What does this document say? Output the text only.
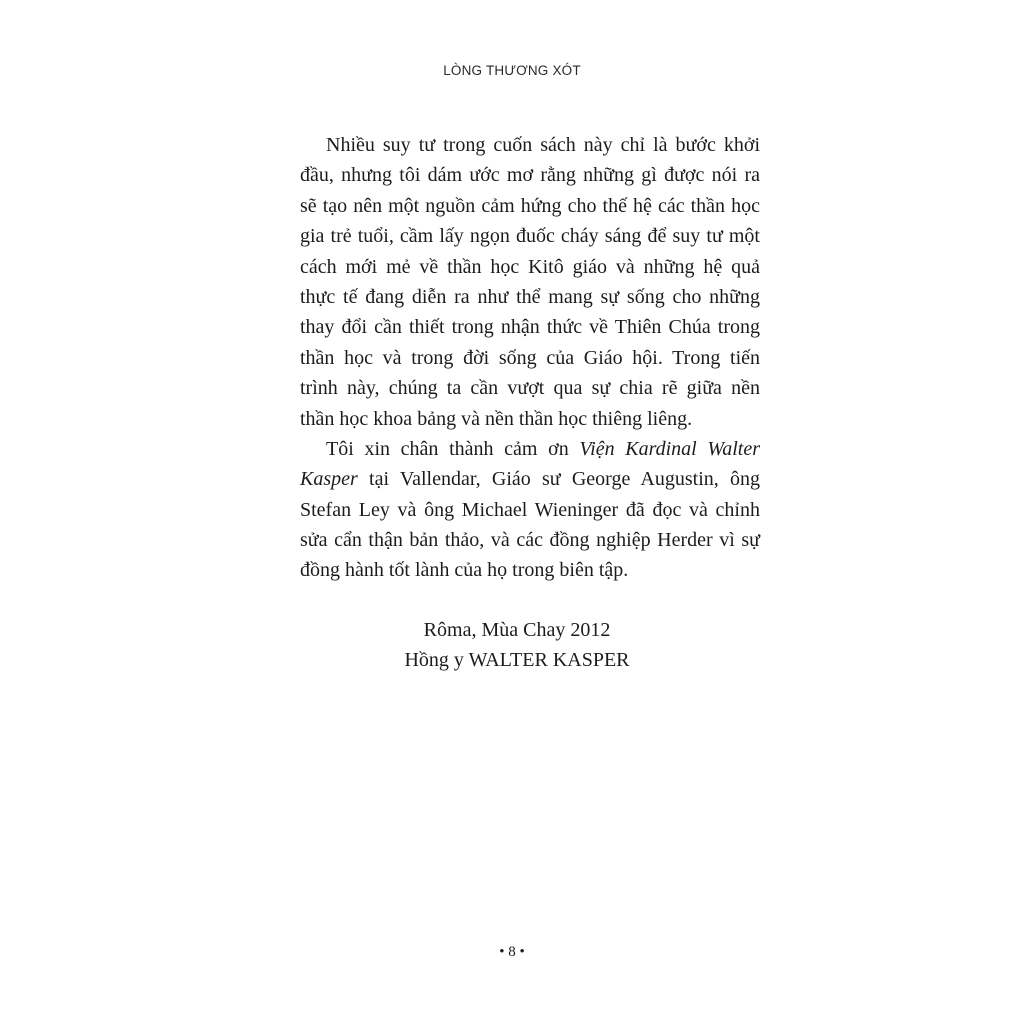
LÒNG THƯƠNG XÓT
Nhiều suy tư trong cuốn sách này chỉ là bước khởi
đầu, nhưng tôi dám ước mơ rằng những gì được nói ra
sẽ tạo nên một nguồn cảm hứng cho thế hệ các thần học
gia trẻ tuổi, cầm lấy ngọn đuốc cháy sáng để suy tư một
cách mới mẻ về thần học Kitô giáo và những hệ quả
thực tế đang diễn ra như thể mang sự sống cho những
thay đổi cần thiết trong nhận thức về Thiên Chúa trong
thần học và trong đời sống của Giáo hội. Trong tiến
trình này, chúng ta cần vượt qua sự chia rẽ giữa nền
thần học khoa bảng và nền thần học thiêng liêng.
Tôi xin chân thành cảm ơn Viện Kardinal Walter
Kasper tại Vallendar, Giáo sư George Augustin, ông
Stefan Ley và ông Michael Wieninger đã đọc và chỉnh
sửa cẩn thận bản thảo, và các đồng nghiệp Herder vì sự
đồng hành tốt lành của họ trong biên tập.
Rôma, Mùa Chay 2012
Hồng y WALTER KASPER
• 8 •
